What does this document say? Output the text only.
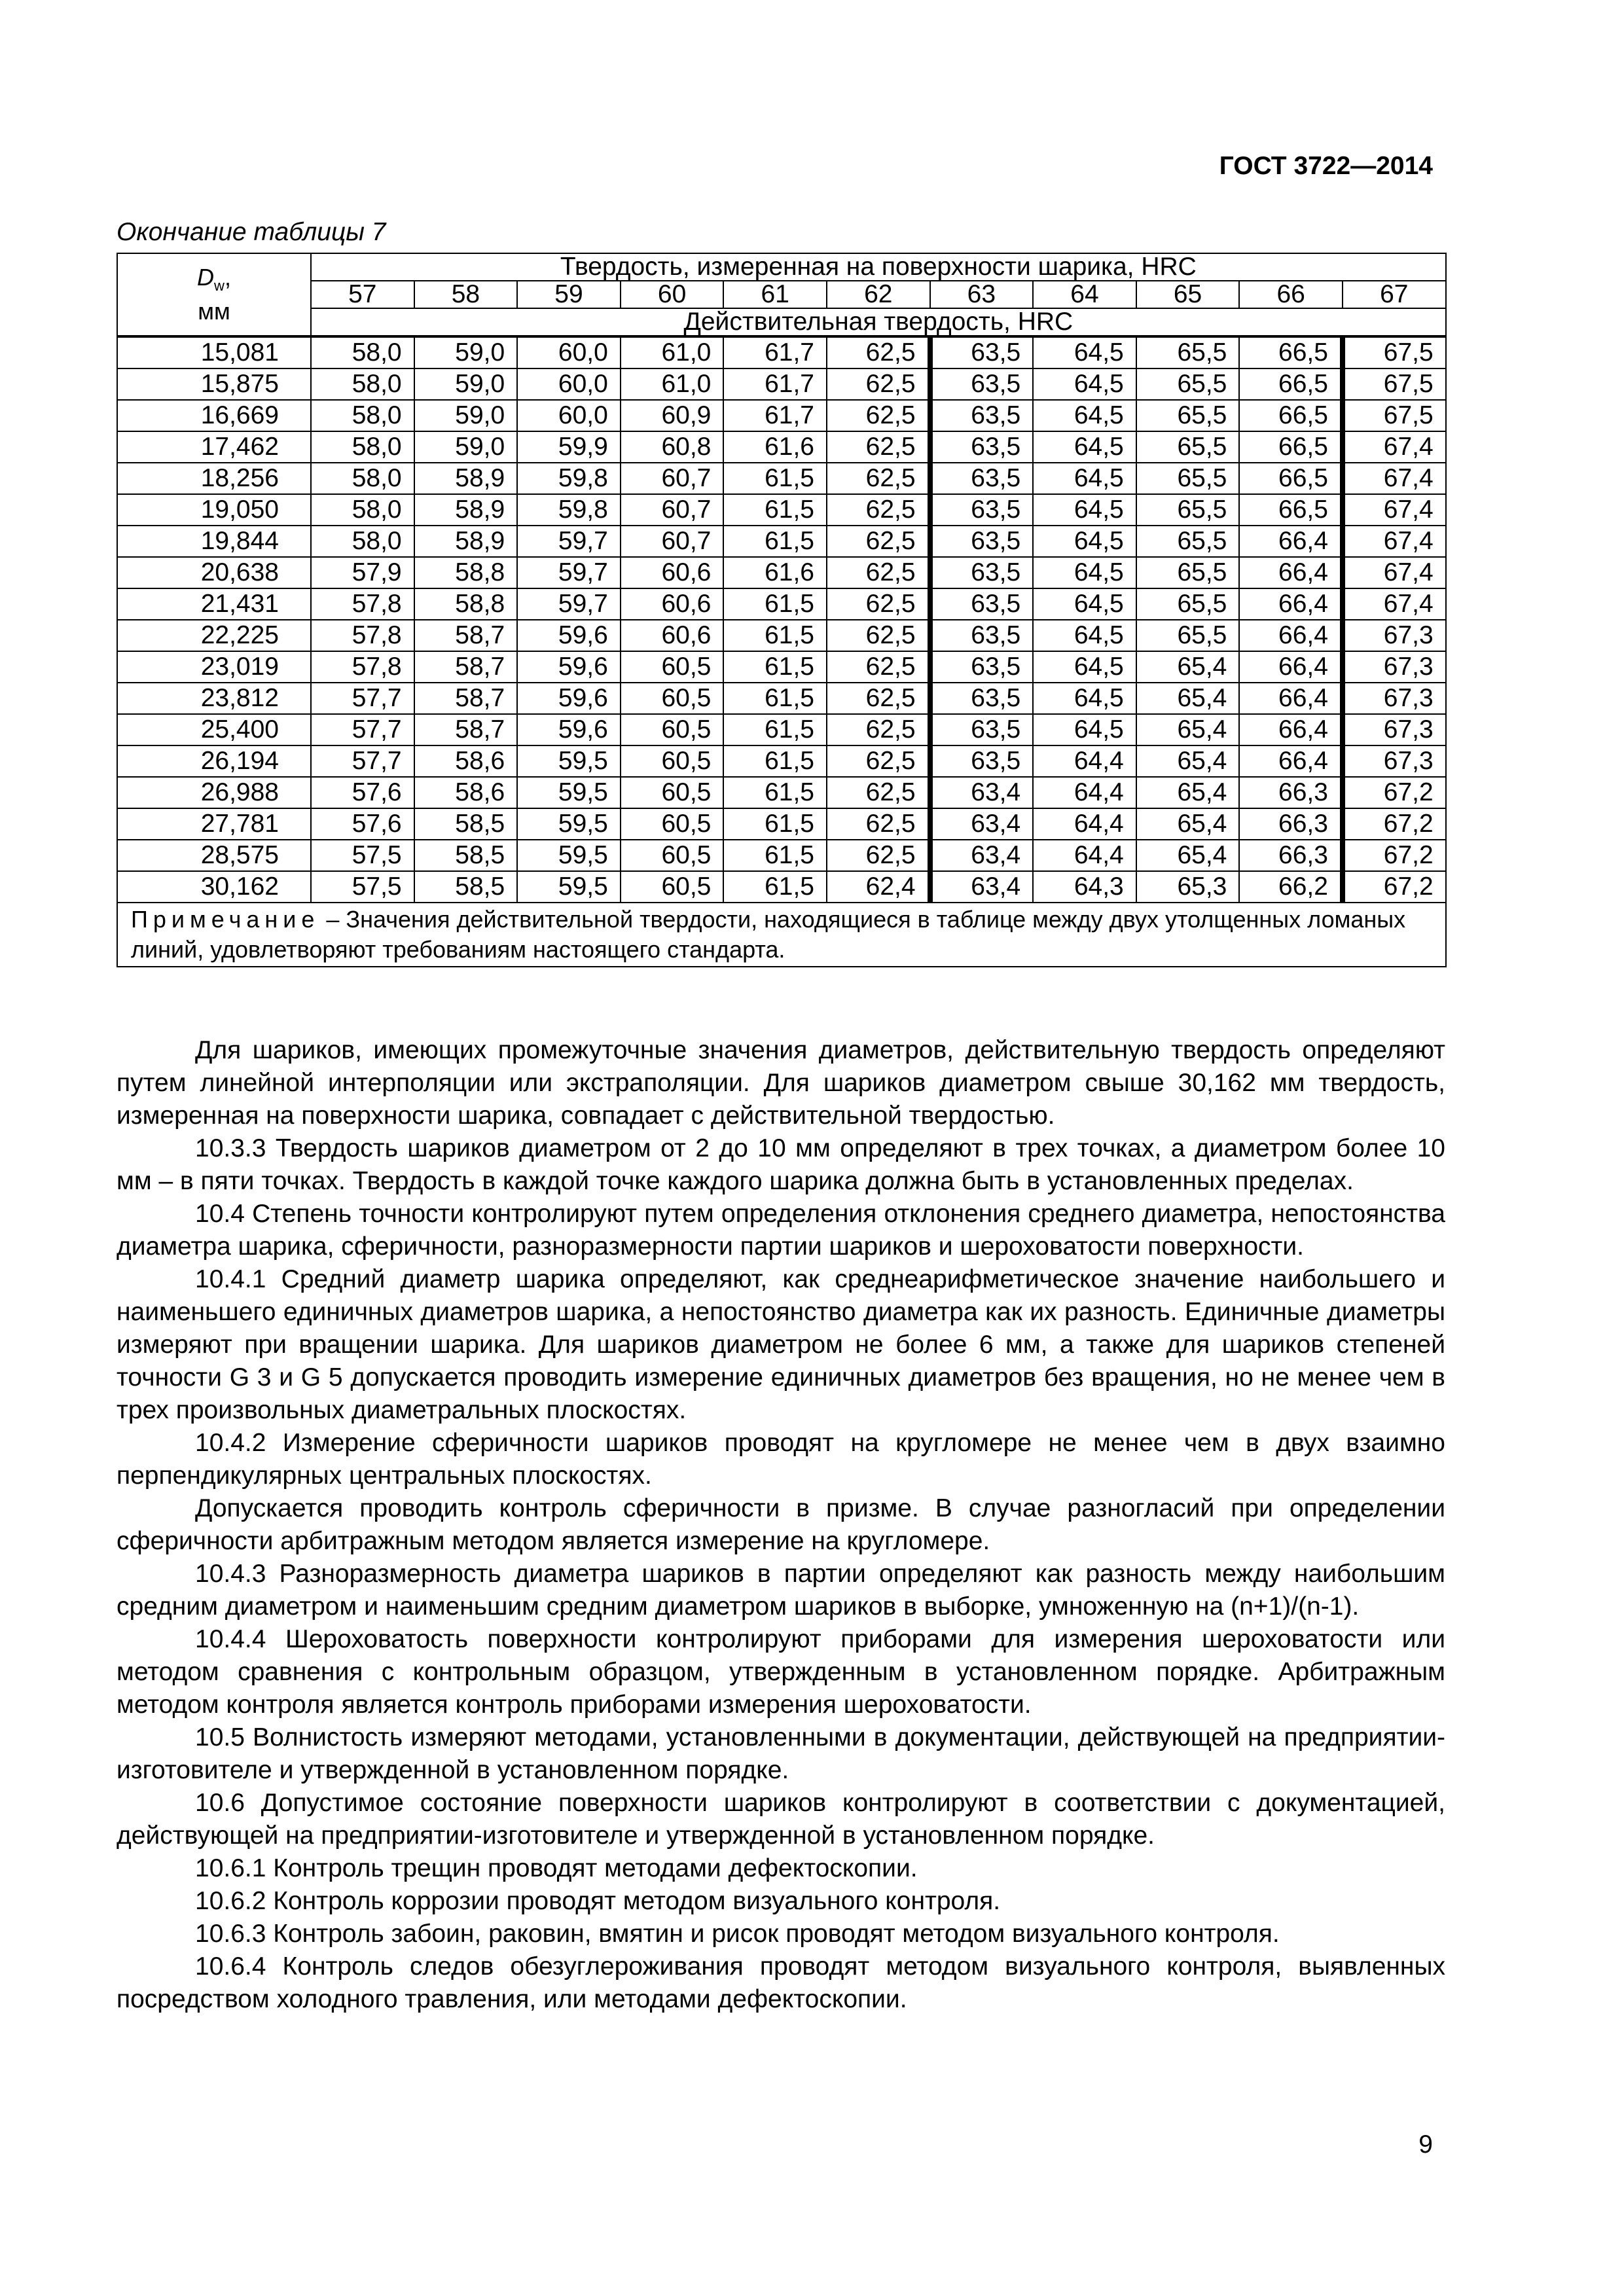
ГОСТ 3722—2014
Окончание таблицы 7
$D_w$,
мм	Твердость, измеренная на поверхности шарика, HRC										
	57	58	59	60	61	62	63	64	65	66	67
	Действительная твердость, HRC										
15,081	58,0	59,0	60,0	61,0	61,7	62,5	63,5	64,5	65,5	66,5	67,5
15,875	58,0	59,0	60,0	61,0	61,7	62,5	63,5	64,5	65,5	66,5	67,5
16,669	58,0	59,0	60,0	60,9	61,7	62,5	63,5	64,5	65,5	66,5	67,5
17,462	58,0	59,0	59,9	60,8	61,6	62,5	63,5	64,5	65,5	66,5	67,4
18,256	58,0	58,9	59,8	60,7	61,5	62,5	63,5	64,5	65,5	66,5	67,4
19,050	58,0	58,9	59,8	60,7	61,5	62,5	63,5	64,5	65,5	66,5	67,4
19,844	58,0	58,9	59,7	60,7	61,5	62,5	63,5	64,5	65,5	66,4	67,4
20,638	57,9	58,8	59,7	60,6	61,6	62,5	63,5	64,5	65,5	66,4	67,4
21,431	57,8	58,8	59,7	60,6	61,5	62,5	63,5	64,5	65,5	66,4	67,4
22,225	57,8	58,7	59,6	60,6	61,5	62,5	63,5	64,5	65,5	66,4	67,3
23,019	57,8	58,7	59,6	60,5	61,5	62,5	63,5	64,5	65,4	66,4	67,3
23,812	57,7	58,7	59,6	60,5	61,5	62,5	63,5	64,5	65,4	66,4	67,3
25,400	57,7	58,7	59,6	60,5	61,5	62,5	63,5	64,5	65,4	66,4	67,3
26,194	57,7	58,6	59,5	60,5	61,5	62,5	63,5	64,4	65,4	66,4	67,3
26,988	57,6	58,6	59,5	60,5	61,5	62,5	63,4	64,4	65,4	66,3	67,2
27,781	57,6	58,5	59,5	60,5	61,5	62,5	63,4	64,4	65,4	66,3	67,2
28,575	57,5	58,5	59,5	60,5	61,5	62,5	63,4	64,4	65,4	66,3	67,2
30,162	57,5	58,5	59,5	60,5	61,5	62,4	63,4	64,3	65,3	66,2	67,2
Примечание – Значения действительной твердости, находящиеся в таблице между двух утолщенных ломаных линий, удовлетворяют требованиям настоящего стандарта.											

Для шариков, имеющих промежуточные значения диаметров, действительную твердость определяют путем линейной интерполяции или экстраполяции. Для шариков диаметром свыше 30,162 мм твердость, измеренная на поверхности шарика, совпадает с действительной твердостью.

10.3.3 Твердость шариков диаметром от 2 до 10 мм определяют в трех точках, а диаметром более 10 мм – в пяти точках. Твердость в каждой точке каждого шарика должна быть в установленных пределах.

10.4 Степень точности контролируют путем определения отклонения среднего диаметра, непостоянства диаметра шарика, сферичности, разноразмерности партии шариков и шероховатости поверхности.

10.4.1 Средний диаметр шарика определяют, как среднеарифметическое значение наибольшего и наименьшего единичных диаметров шарика, а непостоянство диаметра как их разность. Единичные диаметры измеряют при вращении шарика. Для шариков диаметром не более 6 мм, а также для шариков степеней точности G 3 и G 5 допускается проводить измерение единичных диаметров без вращения, но не менее чем в трех произвольных диаметральных плоскостях.

10.4.2 Измерение сферичности шариков проводят на кругломере не менее чем в двух взаимно перпендикулярных центральных плоскостях.

Допускается проводить контроль сферичности в призме. В случае разногласий при определении сферичности арбитражным методом является измерение на кругломере.

10.4.3 Разноразмерность диаметра шариков в партии определяют как разность между наибольшим средним диаметром и наименьшим средним диаметром шариков в выборке, умноженную на (n+1)/(n-1).

10.4.4 Шероховатость поверхности контролируют приборами для измерения шероховатости или методом сравнения с контрольным образцом, утвержденным в установленном порядке. Арбитражным методом контроля является контроль приборами измерения шероховатости.

10.5 Волнистость измеряют методами, установленными в документации, действующей на предприятии-изготовителе и утвержденной в установленном порядке.

10.6 Допустимое состояние поверхности шариков контролируют в соответствии с документацией, действующей на предприятии-изготовителе и утвержденной в установленном порядке.

10.6.1 Контроль трещин проводят методами дефектоскопии.

10.6.2 Контроль коррозии проводят методом визуального контроля.

10.6.3 Контроль забоин, раковин, вмятин и рисок проводят методом визуального контроля.

10.6.4 Контроль следов обезуглероживания проводят методом визуального контроля, выявленных посредством холодного травления, или методами дефектоскопии.

9
